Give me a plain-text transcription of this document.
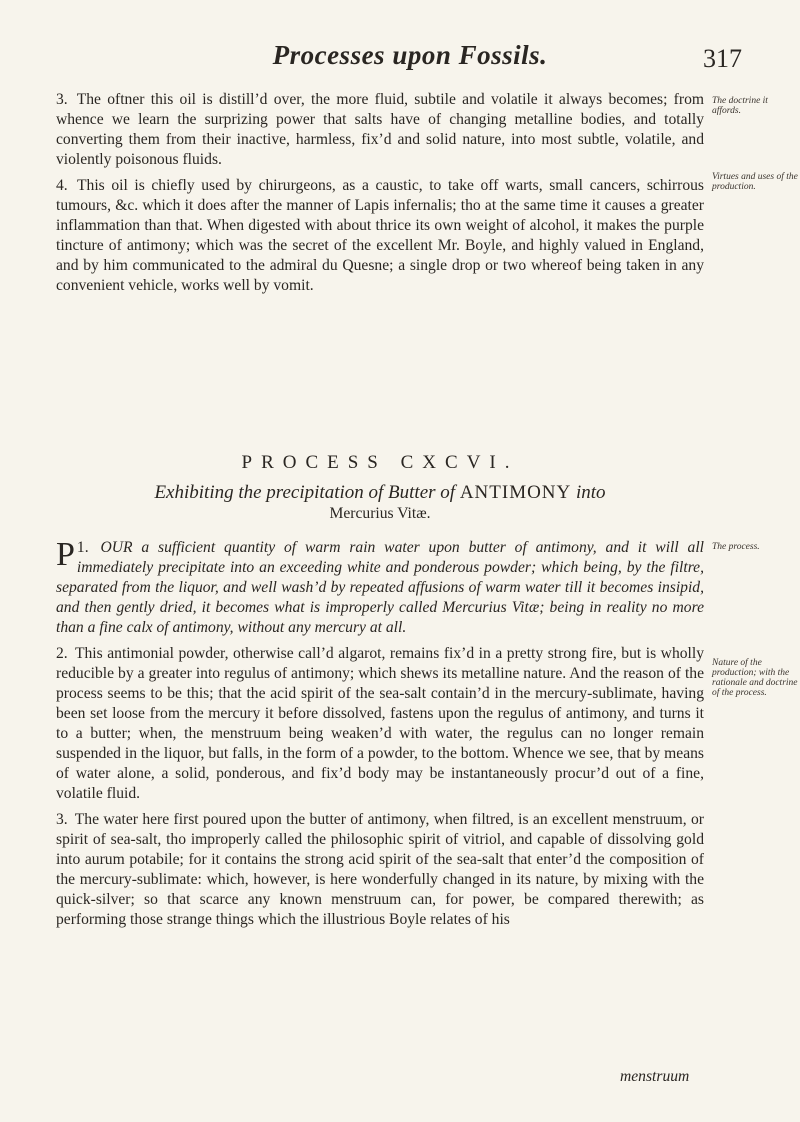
Processes upon Fossils.	317

3. The oftner this oil is distill’d over, the more fluid, subtile and volatile it always becomes; from whence we learn the surprizing power that salts have of changing metalline bodies, and totally converting them from their inactive, harmless, fix’d and solid nature, into most subtle, volatile, and violently poisonous fluids.

4. This oil is chiefly used by chirurgeons, as a caustic, to take off warts, small cancers, schirrous tumours, &c. which it does after the manner of Lapis infernalis; tho at the same time it causes a greater inflammation than that. When digested with about thrice its own weight of alcohol, it makes the purple tincture of antimony; which was the secret of the excellent Mr. Boyle, and highly valued in England, and by him communicated to the admiral du Quesne; a single drop or two whereof being taken in any convenient vehicle, works well by vomit.

The doctrine it affords.
Virtues and uses of the production.
The process.
Nature of the production; with the rationale and doctrine of the process.
PROCESS CXCVI.
Exhibiting the precipitation of Butter of ANTIMONY into
Mercurius Vitæ.

1.
P OUR a sufficient quantity of warm rain water upon butter of antimony, and it will all immediately precipitate into an exceeding white and ponderous powder; which being, by the filtre, separated from the liquor, and well wash’d by repeated affusions of warm water till it becomes insipid, and then gently dried, it becomes what is improperly called Mercurius Vitæ; being in reality no more than a fine calx of antimony, without any mercury at all.

2. This antimonial powder, otherwise call’d algarot, remains fix’d in a pretty strong fire, but is wholly reducible by a greater into regulus of antimony; which shews its metalline nature. And the reason of the process seems to be this; that the acid spirit of the sea-salt contain’d in the mercury-sublimate, having been set loose from the mercury it before dissolved, fastens upon the regulus of antimony, and turns it to a butter; when, the menstruum being weaken’d with water, the regulus can no longer remain suspended in the liquor, but falls, in the form of a powder, to the bottom. Whence we see, that by means of water alone, a solid, ponderous, and fix’d body may be instantaneously procur’d out of a fine, volatile fluid.

3. The water here first poured upon the butter of antimony, when filtred, is an excellent menstruum, or spirit of sea-salt, tho improperly called the philosophic spirit of vitriol, and capable of dissolving gold into aurum potabile; for it contains the strong acid spirit of the sea-salt that enter’d the composition of the mercury-sublimate: which, however, is here wonderfully changed in its nature, by mixing with the quick-silver; so that scarce any known menstruum can, for power, be compared therewith; as performing those strange things which the illustrious Boyle relates of his

menstruum
